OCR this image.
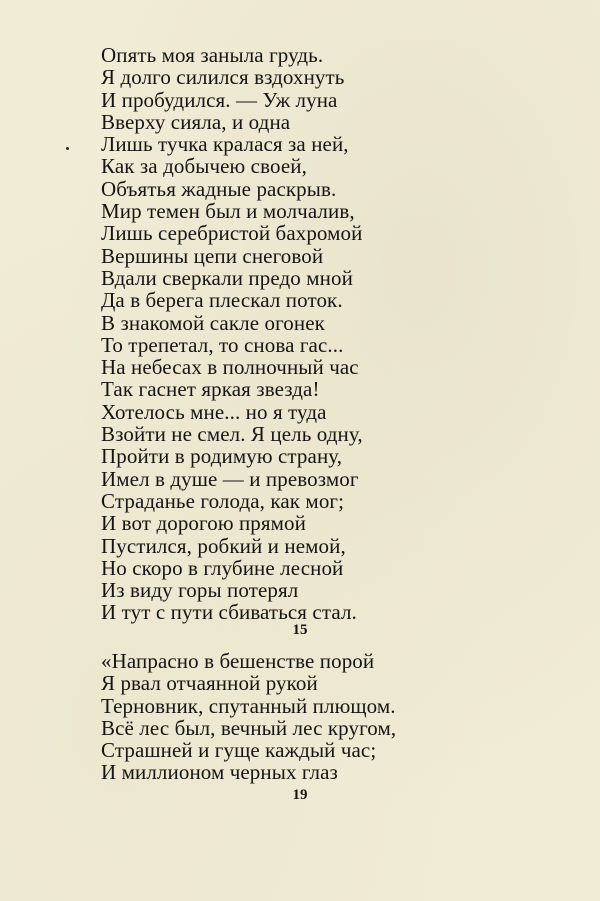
Опять моя заныла грудь.
Я долго силился вздохнуть
И пробудился. — Уж луна
Вверху сияла, и одна
Лишь тучка кралася за ней,
Как за добычею своей,
Объятья жадные раскрыв.
Мир темен был и молчалив,
Лишь серебристой бахромой
Вершины цепи снеговой
Вдали сверкали предо мной
Да в берега плескал поток.
В знакомой сакле огонек
То трепетал, то снова гас...
На небесах в полночный час
Так гаснет яркая звезда!
Хотелось мне... но я туда
Взойти не смел. Я цель одну,
Пройти в родимую страну,
Имел в душе — и превозмог
Страданье голода, как мог;
И вот дорогою прямой
Пустился, робкий и немой,
Но скоро в глубине лесной
Из виду горы потерял
И тут с пути сбиваться стал.
15
«Напрасно в бешенстве порой
Я рвал отчаянной рукой
Терновник, спутанный плющом.
Всё лес был, вечный лес кругом,
Страшней и гуще каждый час;
И миллионом черных глаз
19
